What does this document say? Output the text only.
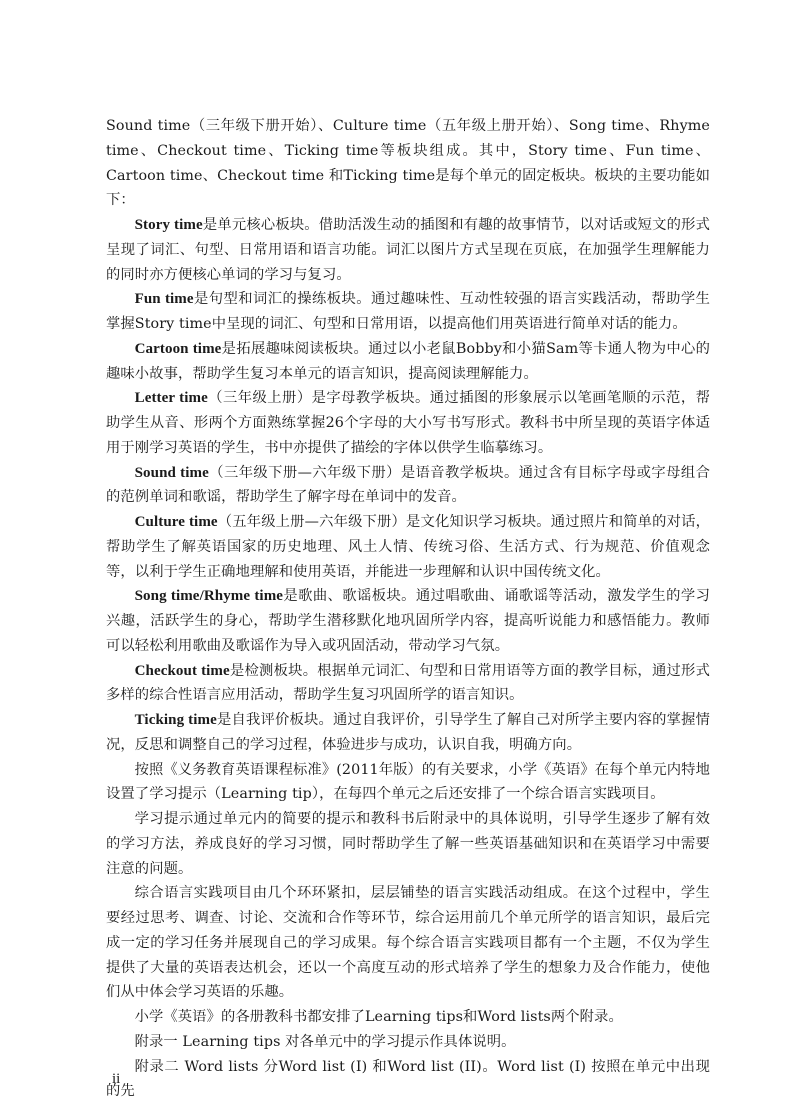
Sound time（三年级下册开始）、Culture time（五年级上册开始）、Song time、Rhyme time、Checkout time、Ticking time等板块组成。其中，Story time、Fun time、Cartoon time、Checkout time 和Ticking time是每个单元的固定板块。板块的主要功能如下：

Story time是单元核心板块。借助活泼生动的插图和有趣的故事情节，以对话或短文的形式呈现了词汇、句型、日常用语和语言功能。词汇以图片方式呈现在页底，在加强学生理解能力的同时亦方便核心单词的学习与复习。

Fun time是句型和词汇的操练板块。通过趣味性、互动性较强的语言实践活动，帮助学生掌握Story time中呈现的词汇、句型和日常用语，以提高他们用英语进行简单对话的能力。

Cartoon time是拓展趣味阅读板块。通过以小老鼠Bobby和小猫Sam等卡通人物为中心的趣味小故事，帮助学生复习本单元的语言知识，提高阅读理解能力。

Letter time（三年级上册）是字母教学板块。通过插图的形象展示以笔画笔顺的示范，帮助学生从音、形两个方面熟练掌握26个字母的大小写书写形式。教科书中所呈现的英语字体适用于刚学习英语的学生，书中亦提供了描绘的字体以供学生临摹练习。

Sound time（三年级下册—六年级下册）是语音教学板块。通过含有目标字母或字母组合的范例单词和歌谣，帮助学生了解字母在单词中的发音。

Culture time（五年级上册—六年级下册）是文化知识学习板块。通过照片和简单的对话，帮助学生了解英语国家的历史地理、风土人情、传统习俗、生活方式、行为规范、价值观念等，以利于学生正确地理解和使用英语，并能进一步理解和认识中国传统文化。

Song time/Rhyme time是歌曲、歌谣板块。通过唱歌曲、诵歌谣等活动，激发学生的学习兴趣，活跃学生的身心，帮助学生潜移默化地巩固所学内容，提高听说能力和感悟能力。教师可以轻松利用歌曲及歌谣作为导入或巩固活动，带动学习气氛。

Checkout time是检测板块。根据单元词汇、句型和日常用语等方面的教学目标，通过形式多样的综合性语言应用活动，帮助学生复习巩固所学的语言知识。

Ticking time是自我评价板块。通过自我评价，引导学生了解自己对所学主要内容的掌握情况，反思和调整自己的学习过程，体验进步与成功，认识自我，明确方向。

按照《义务教育英语课程标准》(2011年版）的有关要求，小学《英语》在每个单元内特地设置了学习提示（Learning tip），在每四个单元之后还安排了一个综合语言实践项目。

学习提示通过单元内的简要的提示和教科书后附录中的具体说明，引导学生逐步了解有效的学习方法，养成良好的学习习惯，同时帮助学生了解一些英语基础知识和在英语学习中需要注意的问题。

综合语言实践项目由几个环环紧扣，层层铺垫的语言实践活动组成。在这个过程中，学生要经过思考、调查、讨论、交流和合作等环节，综合运用前几个单元所学的语言知识，最后完成一定的学习任务并展现自己的学习成果。每个综合语言实践项目都有一个主题，不仅为学生提供了大量的英语表达机会，还以一个高度互动的形式培养了学生的想象力及合作能力，使他们从中体会学习英语的乐趣。

小学《英语》的各册教科书都安排了Learning tips和Word lists两个附录。

附录一 Learning tips 对各单元中的学习提示作具体说明。

附录二 Word lists 分Word list (I) 和Word list (II)。Word list (I) 按照在单元中出现的先

ii
